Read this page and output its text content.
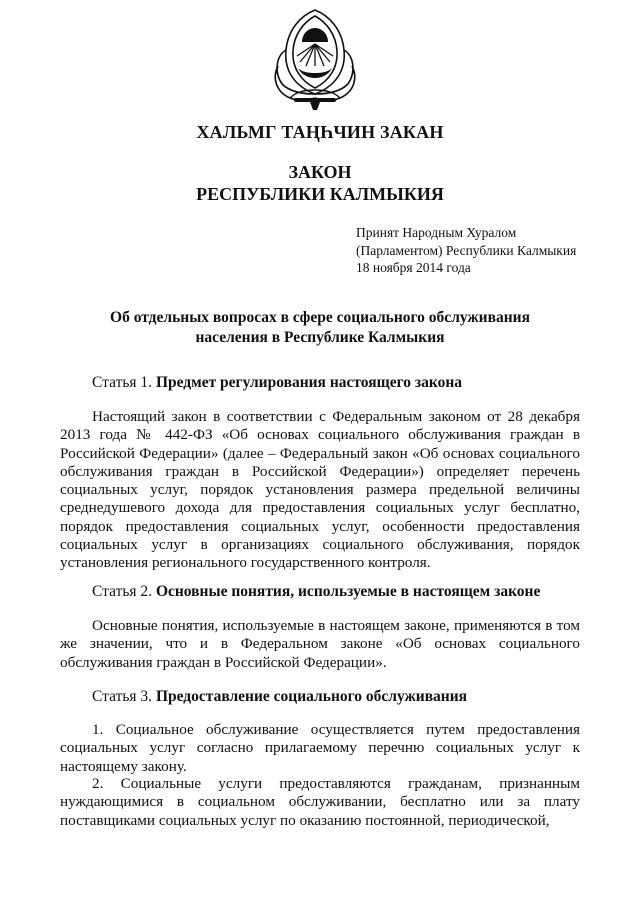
ХАЛЬМГ ТАҢҺЧИН ЗАКАН
ЗАКОН
РЕСПУБЛИКИ КАЛМЫКИЯ
Принят Народным Хуралом
(Парламентом) Республики Калмыкия
18 ноября 2014 года
Об отдельных вопросах в сфере социального обслуживания
населения в Республике Калмыкия
Статья 1. Предмет регулирования настоящего закона
Настоящий закон в соответствии с Федеральным законом от 28 декабря 2013 года № 442-ФЗ «Об основах социального обслуживания граждан в Российской Федерации» (далее – Федеральный закон «Об основах социального обслуживания граждан в Российской Федерации») определяет перечень социальных услуг, порядок установления размера предельной величины среднедушевого дохода для предоставления социальных услуг бесплатно, порядок предоставления социальных услуг, особенности предоставления социальных услуг в организациях социального обслуживания, порядок установления регионального государственного контроля.
Статья 2. Основные понятия, используемые в настоящем законе
Основные понятия, используемые в настоящем законе, применяются в том же значении, что и в Федеральном законе «Об основах социального обслуживания граждан в Российской Федерации».
Статья 3. Предоставление социального обслуживания
1. Социальное обслуживание осуществляется путем предоставления социальных услуг согласно прилагаемому перечню социальных услуг к настоящему закону.
2. Социальные услуги предоставляются гражданам, признанным нуждающимися в социальном обслуживании, бесплатно или за плату поставщиками социальных услуг по оказанию постоянной, периодической,
